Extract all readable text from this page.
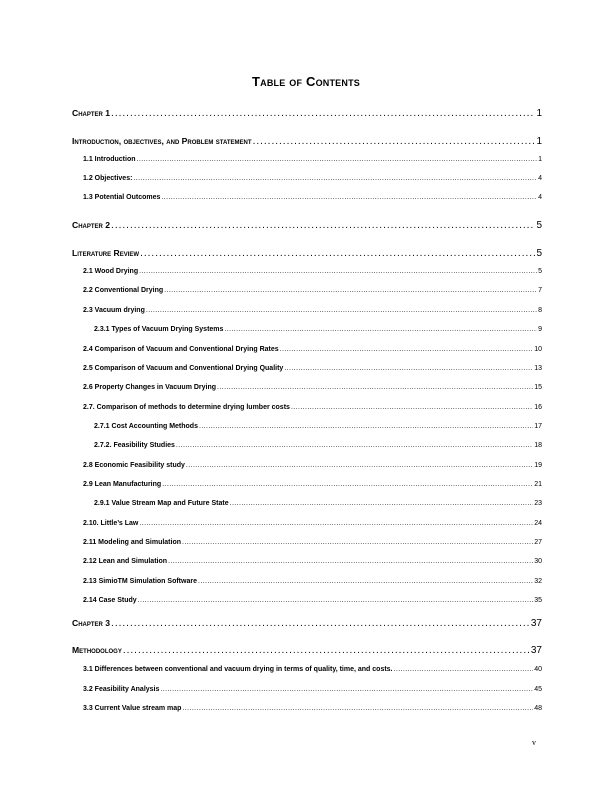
Table of Contents
Chapter 1 .....	1
Introduction, objectives, and Problem statement .....	1
1.1 Introduction .....	1
1.2 Objectives: .....	4
1.3 Potential Outcomes .....	4
Chapter 2 .....	5
Literature Review .....	5
2.1 Wood Drying .....	5
2.2 Conventional Drying .....	7
2.3 Vacuum drying .....	8
2.3.1 Types of Vacuum Drying Systems .....	9
2.4 Comparison of Vacuum and Conventional Drying Rates .....	10
2.5 Comparison of Vacuum and Conventional Drying Quality .....	13
2.6 Property Changes in Vacuum Drying .....	15
2.7. Comparison of methods to determine drying lumber costs .....	16
2.7.1 Cost Accounting Methods .....	17
2.7.2. Feasibility Studies .....	18
2.8 Economic Feasibility study .....	19
2.9 Lean Manufacturing .....	21
2.9.1 Value Stream Map and Future State .....	23
2.10. Little’s Law .....	24
2.11 Modeling and Simulation .....	27
2.12 Lean and Simulation .....	30
2.13 SimioTM Simulation Software .....	32
2.14 Case Study .....	35
Chapter 3 .....	37
Methodology .....	37
3.1 Differences between conventional and vacuum drying in terms of quality, time, and costs. .....	40
3.2 Feasibility Analysis .....	45
3.3 Current Value stream map .....	48
v
